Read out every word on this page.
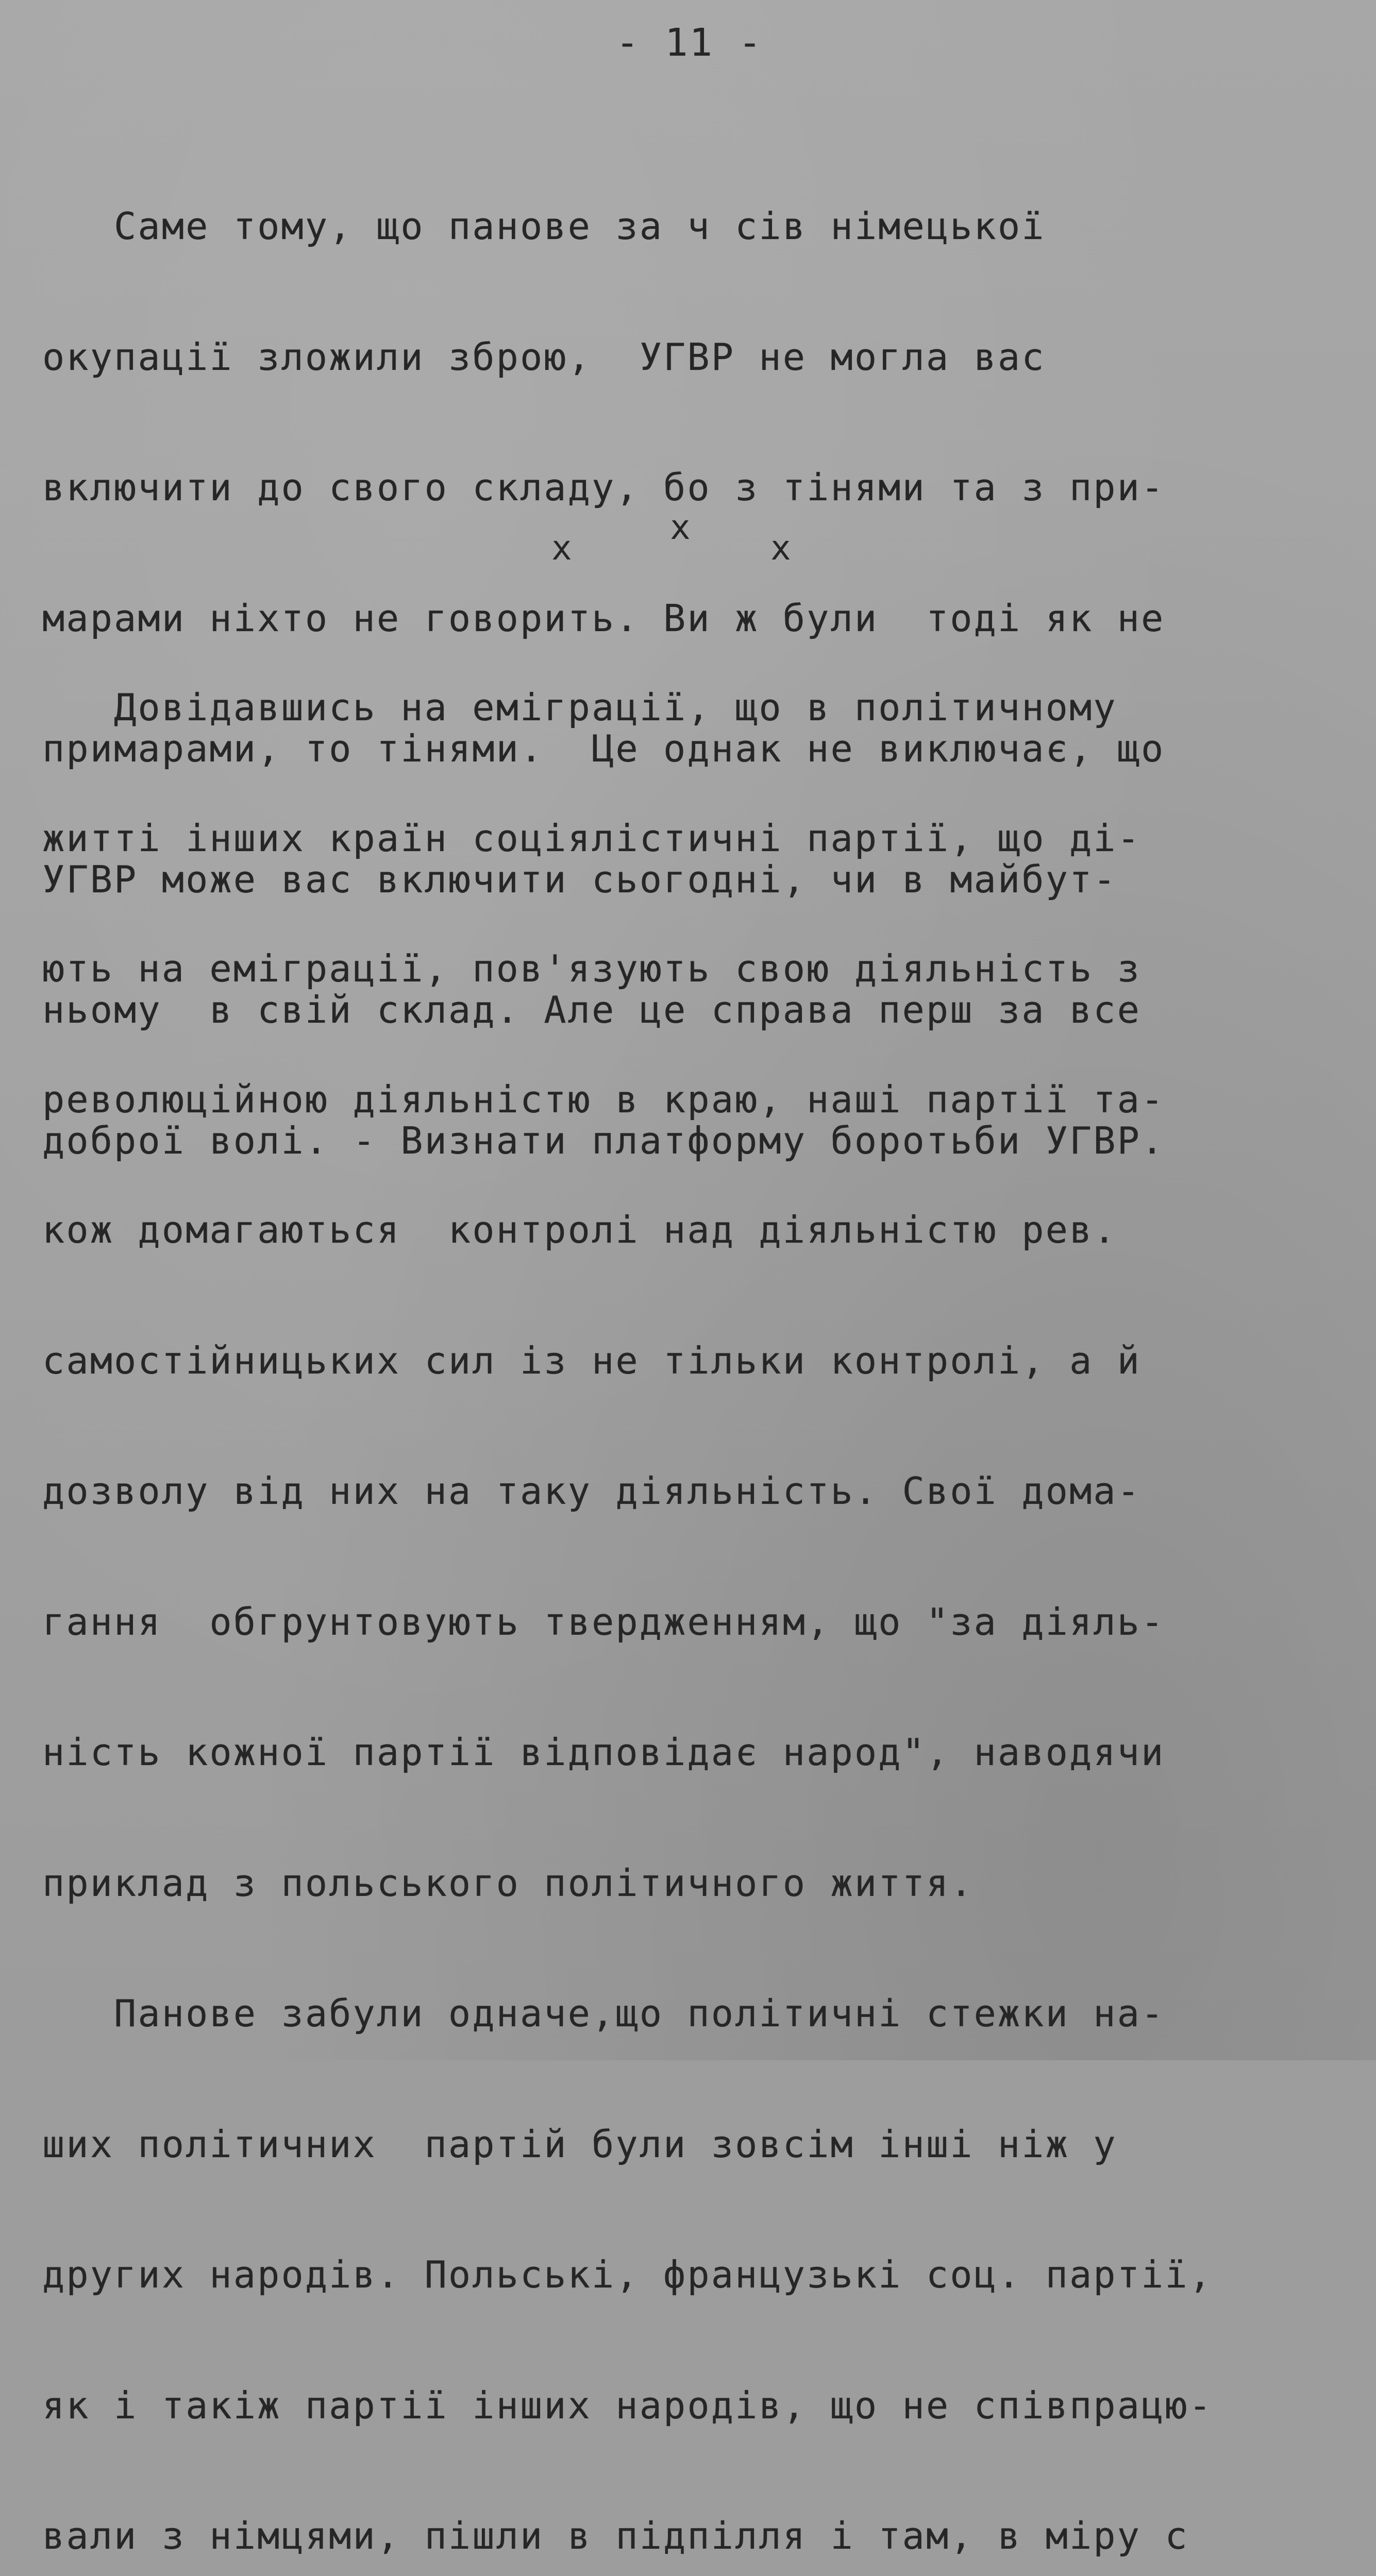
- 11 -

Саме тому, що панове за ч сів німецької

окупації зложили зброю,  УГВР не могла вас

включити до свого складу, бо з тінями та з при-

марами ніхто не говорить. Ви ж були  тоді як не

примарами, то тінями.  Це однак не виключає, що

УГВР може вас включити сьогодні, чи в майбут-

ньому  в свій склад. Але це справа перш за все

доброї волі. - Визнати платформу боротьби УГВР.

x
x
x

Довідавшись на еміграції, що в політичному

житті інших країн соціялістичні партії, що ді-

ють на еміграції, пов'язують свою діяльність з

революційною діяльністю в краю, наші партії та-

кож домагаються  контролі над діяльністю рев.

самостійницьких сил із не тільки контролі, а й

дозволу від них на таку діяльність. Свої дома-

гання  обгрунтовують твердженням, що "за діяль-

ність кожної партії відповідає народ", наводячи

приклад з польського політичного життя.

Панове забули одначе,що політичні стежки на-

ших політичних  партій були зовсім інші ніж у

других народів. Польські, французькі соц. партії,

як і такіж партії інших народів, що не співпрацю-

вали з німцями, пішли в підпілля і там, в міру с
